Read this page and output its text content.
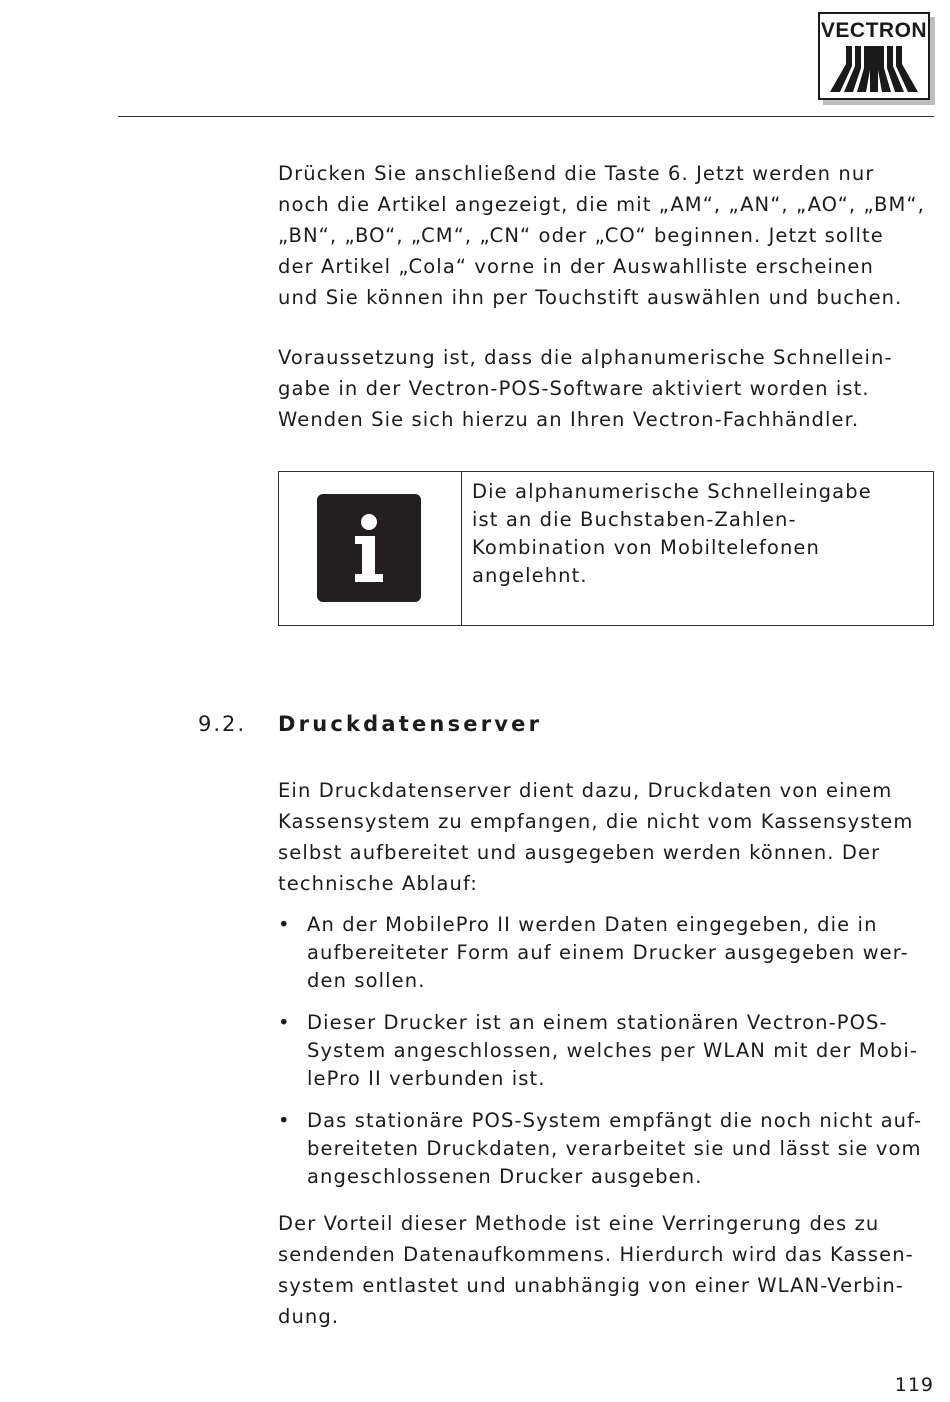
VECTRON

Drücken Sie anschließend die Taste 6. Jetzt werden nur
noch die Artikel angezeigt, die mit „AM“, „AN“, „AO“, „BM“,
„BN“, „BO“, „CM“, „CN“ oder „CO“ beginnen. Jetzt sollte
der Artikel „Cola“ vorne in der Auswahlliste erscheinen
und Sie können ihn per Touchstift auswählen und buchen.

Voraussetzung ist, dass die alphanumerische Schnellein-
gabe in der Vectron-POS-Software aktiviert worden ist.
Wenden Sie sich hierzu an Ihren Vectron-Fachhändler.

Die alphanumerische Schnelleingabe
ist an die Buchstaben-Zahlen-
Kombination von Mobiltelefonen
angelehnt.

9.2. Druckdatenserver

Ein Druckdatenserver dient dazu, Druckdaten von einem
Kassensystem zu empfangen, die nicht vom Kassensystem
selbst aufbereitet und ausgegeben werden können. Der
technische Ablauf:

• An der MobilePro II werden Daten eingegeben, die in
aufbereiteter Form auf einem Drucker ausgegeben wer-
den sollen.
• Dieser Drucker ist an einem stationären Vectron-POS-
System angeschlossen, welches per WLAN mit der Mobi-
lePro II verbunden ist.
• Das stationäre POS-System empfängt die noch nicht auf-
bereiteten Druckdaten, verarbeitet sie und lässt sie vom
angeschlossenen Drucker ausgeben.

Der Vorteil dieser Methode ist eine Verringerung des zu
sendenden Datenaufkommens. Hierdurch wird das Kassen-
system entlastet und unabhängig von einer WLAN-Verbin-
dung.

119
